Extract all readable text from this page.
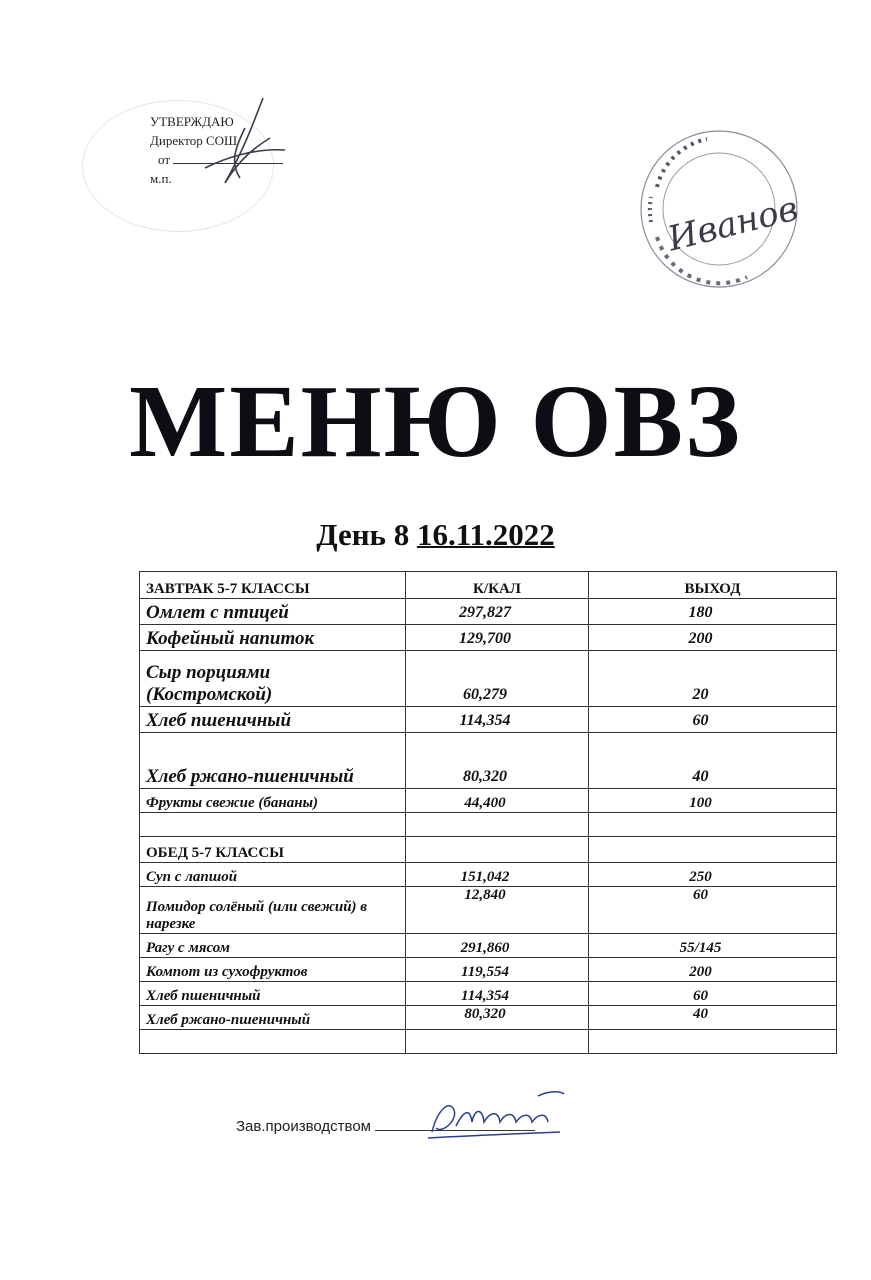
УТВЕРЖДАЮ
Директор СОШ
от
м.п.
Иванов
МЕНЮ ОВЗ
День 8 16.11.2022
ЗАВТРАК 5-7 КЛАССЫ	К/КАЛ	ВЫХОД
Омлет с птицей	297,827	180
Кофейный напиток	129,700	200
Сыр порциями (Костромской)	60,279	20
Хлеб пшеничный	114,354	60
Хлеб ржано-пшеничный	80,320	40
Фрукты свежие (бананы)	44,400	100

ОБЕД 5-7 КЛАССЫ		
Суп с лапшой	151,042	250
Помидор солёный (или свежий) в нарезке	12,840	60
Рагу с мясом	291,860	55/145
Компот из сухофруктов	119,554	200
Хлеб пшеничный	114,354	60
Хлеб ржано-пшеничный	80,320	40

Зав.производством
